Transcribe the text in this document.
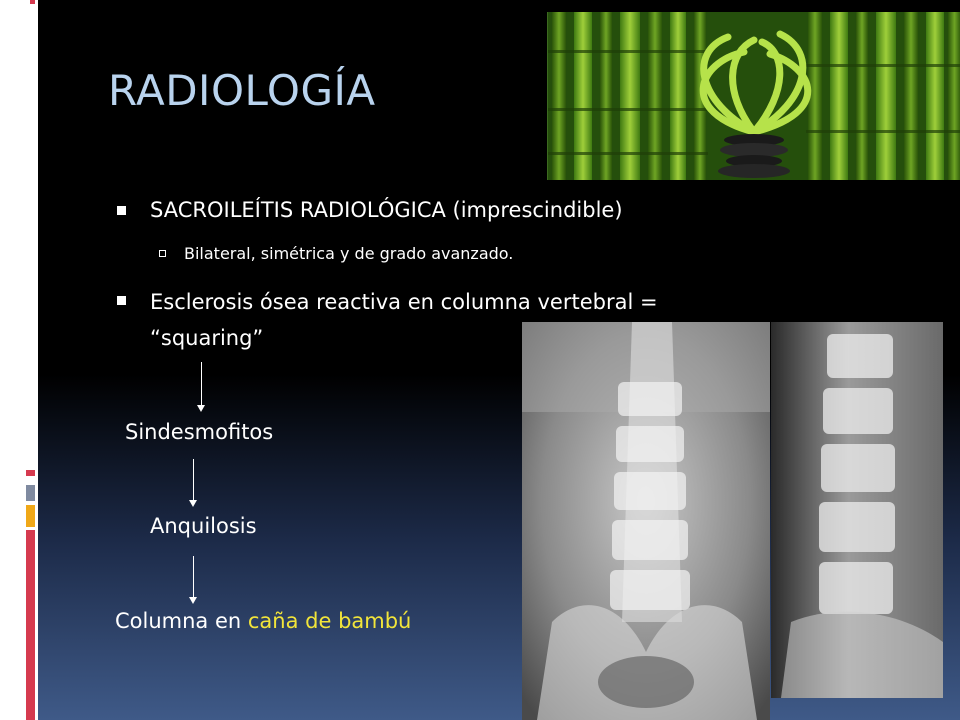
RADIOLOGÍA
SACROILEÍTIS RADIOLÓGICA (imprescindible)
Bilateral, simétrica y de grado avanzado.
Esclerosis ósea reactiva en columna vertebral =
“squaring”
Sindesmofitos
Anquilosis
Columna en caña de bambú
